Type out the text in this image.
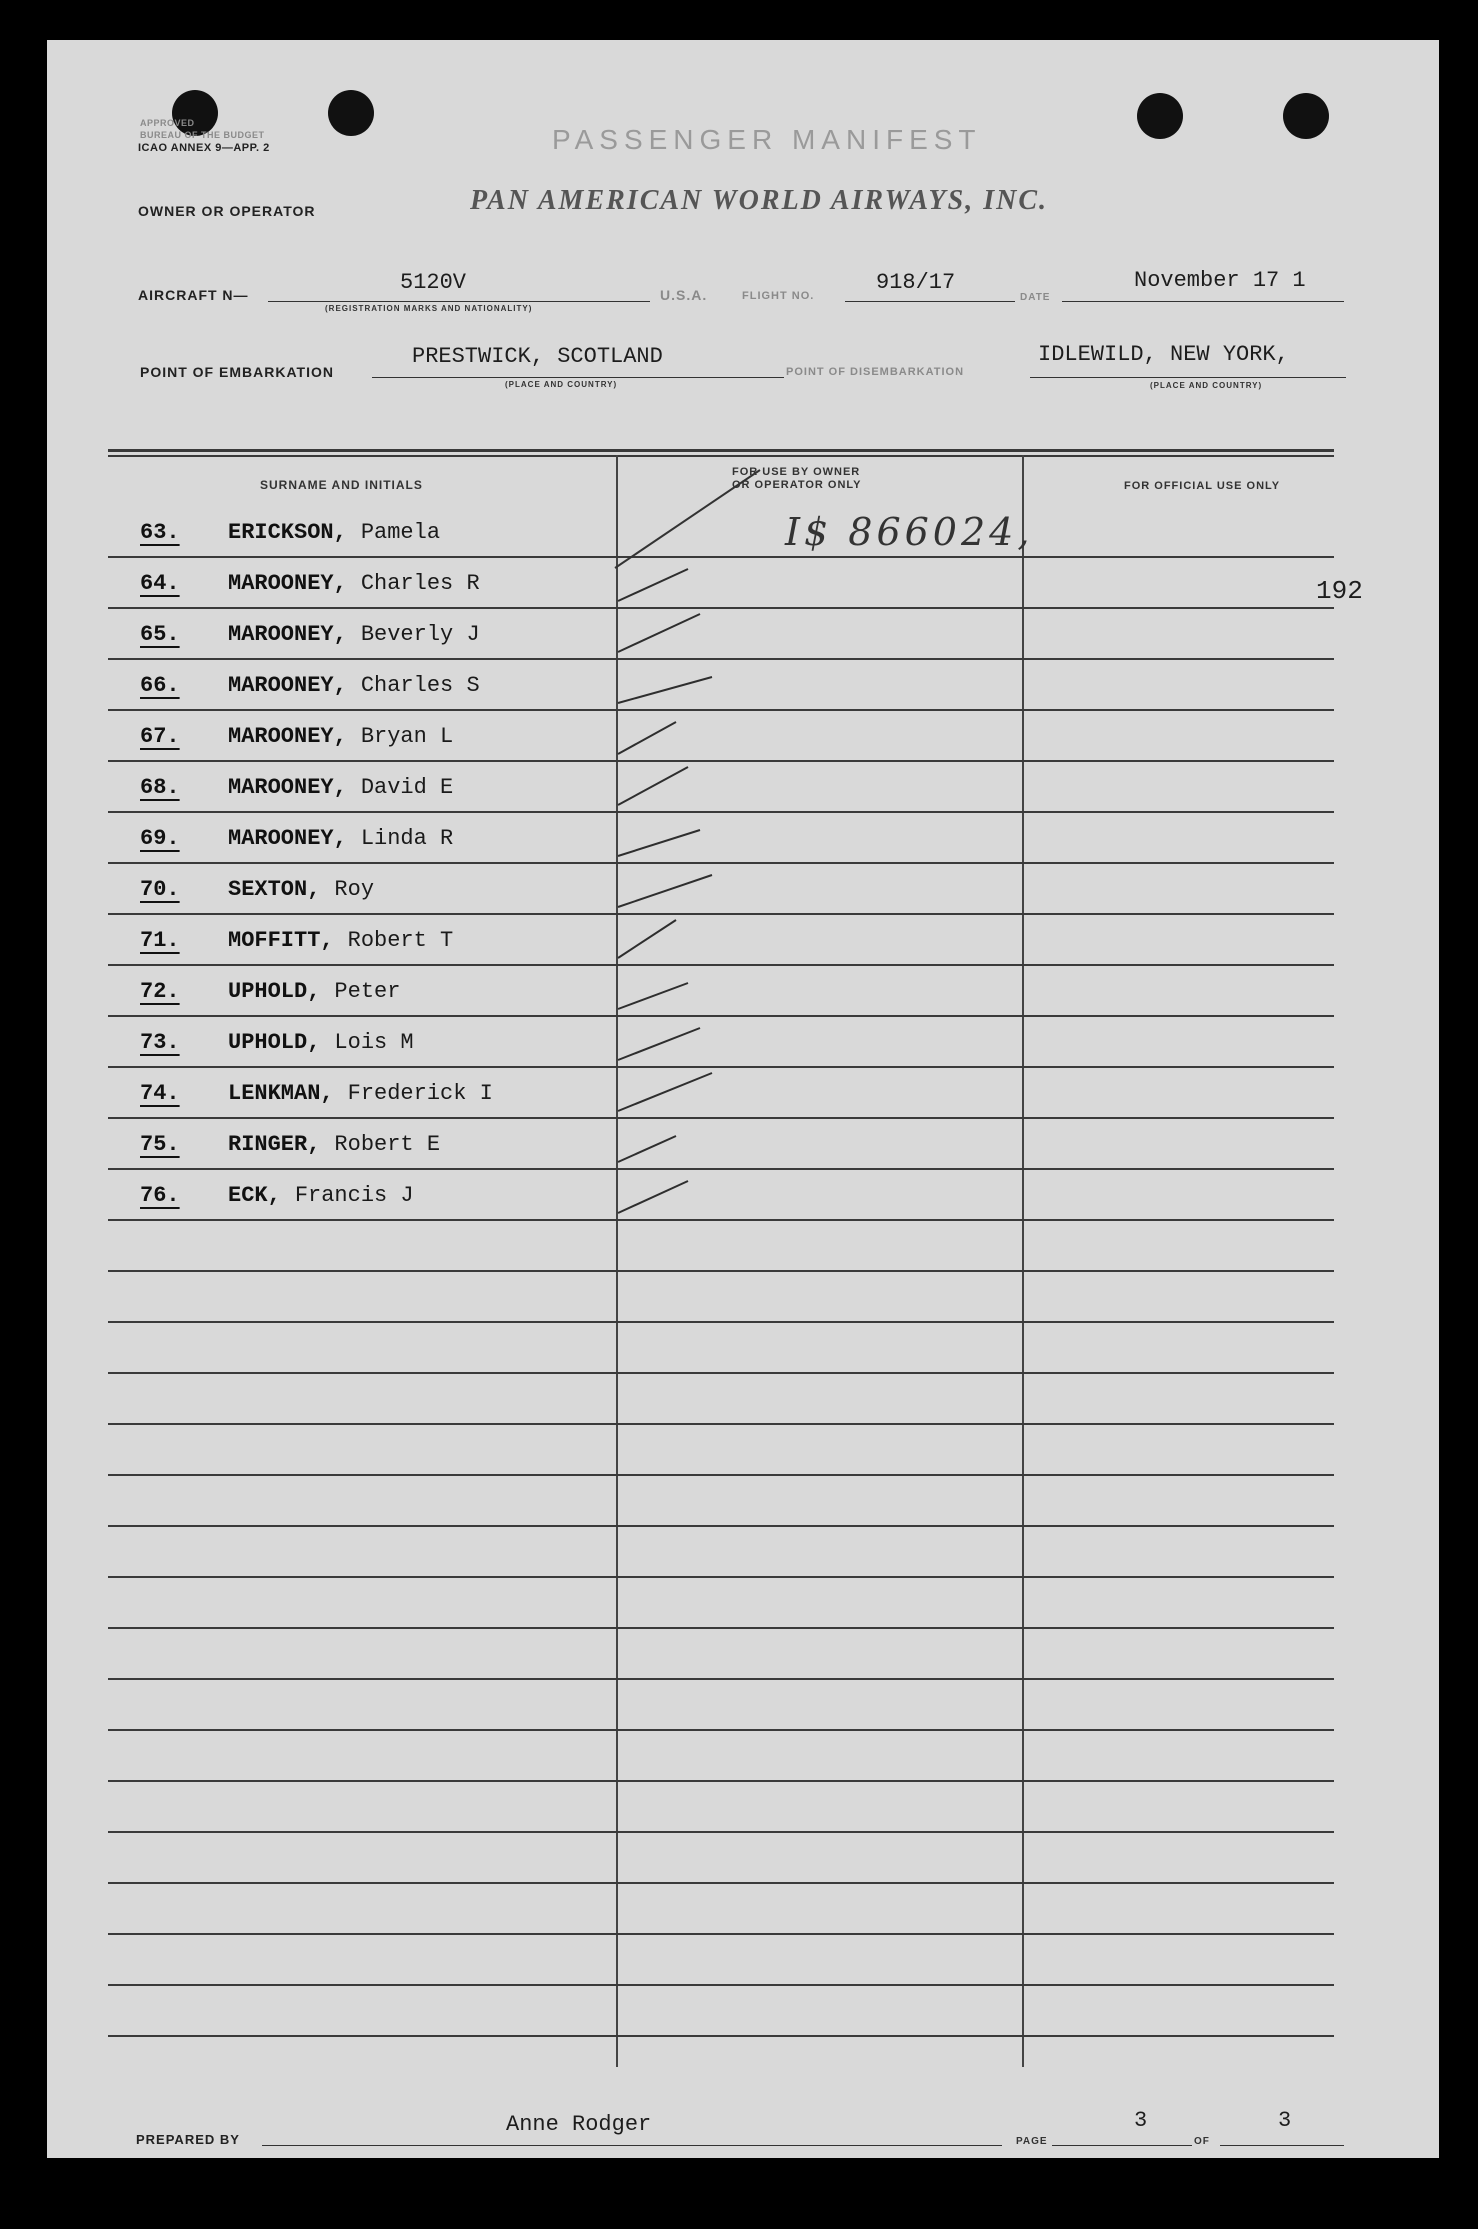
APPROVED
BUREAU OF THE BUDGET
ICAO ANNEX 9—APP. 2	PASSENGER MANIFEST
OWNER OR OPERATOR	PAN AMERICAN WORLD AIRWAYS, INC.
AIRCRAFT N—	5120V
(REGISTRATION MARKS AND NATIONALITY)
U.S.A.	FLIGHT NO.
918/17
DATE
November 17 1
POINT OF EMBARKATION
PRESTWICK, SCOTLAND
(PLACE AND COUNTRY)
POINT OF DISEMBARKATION
IDLEWILD, NEW YORK,
(PLACE AND COUNTRY)
SURNAME AND INITIALS
FOR USE BY OWNER
OR OPERATOR ONLY	FOR OFFICIAL USE ONLY
63. ERICKSON, Pamela
64. MAROONEY, Charles R
65. MAROONEY, Beverly J
66. MAROONEY, Charles S
67. MAROONEY, Bryan L
68. MAROONEY, David E
69. MAROONEY, Linda R
70. SEXTON, Roy
71. MOFFITT, Robert T
72. UPHOLD, Peter
73. UPHOLD, Lois M
74. LENKMAN, Frederick I
75. RINGER, Robert E
76. ECK, Francis J
I$ 866024,
192
PREPARED BY
Anne Rodger
PAGE
3
OF
3
